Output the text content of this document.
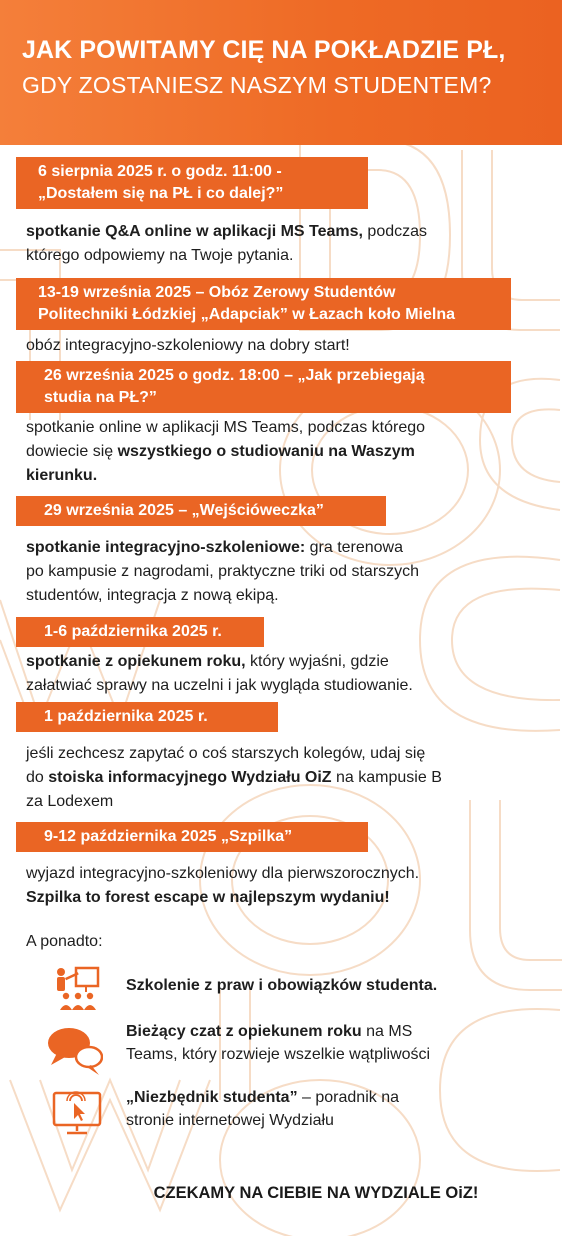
JAK POWITAMY CIĘ NA POKŁADZIE PŁ,
GDY ZOSTANIESZ NASZYM STUDENTEM?
6 sierpnia 2025 r. o godz. 11:00 -
„Dostałem się na PŁ i co dalej?”
spotkanie Q&A online w aplikacji MS Teams, podczas
którego odpowiemy na Twoje pytania.
13-19 września 2025 – Obóz Zerowy Studentów
Politechniki Łódzkiej „Adapciak” w Łazach koło Mielna
obóz integracyjno-szkoleniowy na dobry start!
26 września 2025 o godz. 18:00 – „Jak przebiegają
studia na PŁ?”
spotkanie online w aplikacji MS Teams, podczas którego
dowiecie się wszystkiego o studiowaniu na Waszym
kierunku.
29 września 2025 – „Wejścióweczka”
spotkanie integracyjno-szkoleniowe: gra terenowa
po kampusie z nagrodami, praktyczne triki od starszych
studentów, integracja z nową ekipą.
1-6 października 2025 r.
spotkanie z opiekunem roku, który wyjaśni, gdzie
załatwiać sprawy na uczelni i jak wygląda studiowanie.
1 października 2025 r.
jeśli zechcesz zapytać o coś starszych kolegów, udaj się
do stoiska informacyjnego Wydziału OiZ na kampusie B
za Lodexem
9-12 października 2025 „Szpilka”
wyjazd integracyjno-szkoleniowy dla pierwszorocznych.
Szpilka to forest escape w najlepszym wydaniu!
A ponadto:
Szkolenie z praw i obowiązków studenta.
Bieżący czat z opiekunem roku na MS
Teams, który rozwieje wszelkie wątpliwości
„Niezbędnik studenta” – poradnik na
stronie internetowej Wydziału
CZEKAMY NA CIEBIE NA WYDZIALE OiZ!
